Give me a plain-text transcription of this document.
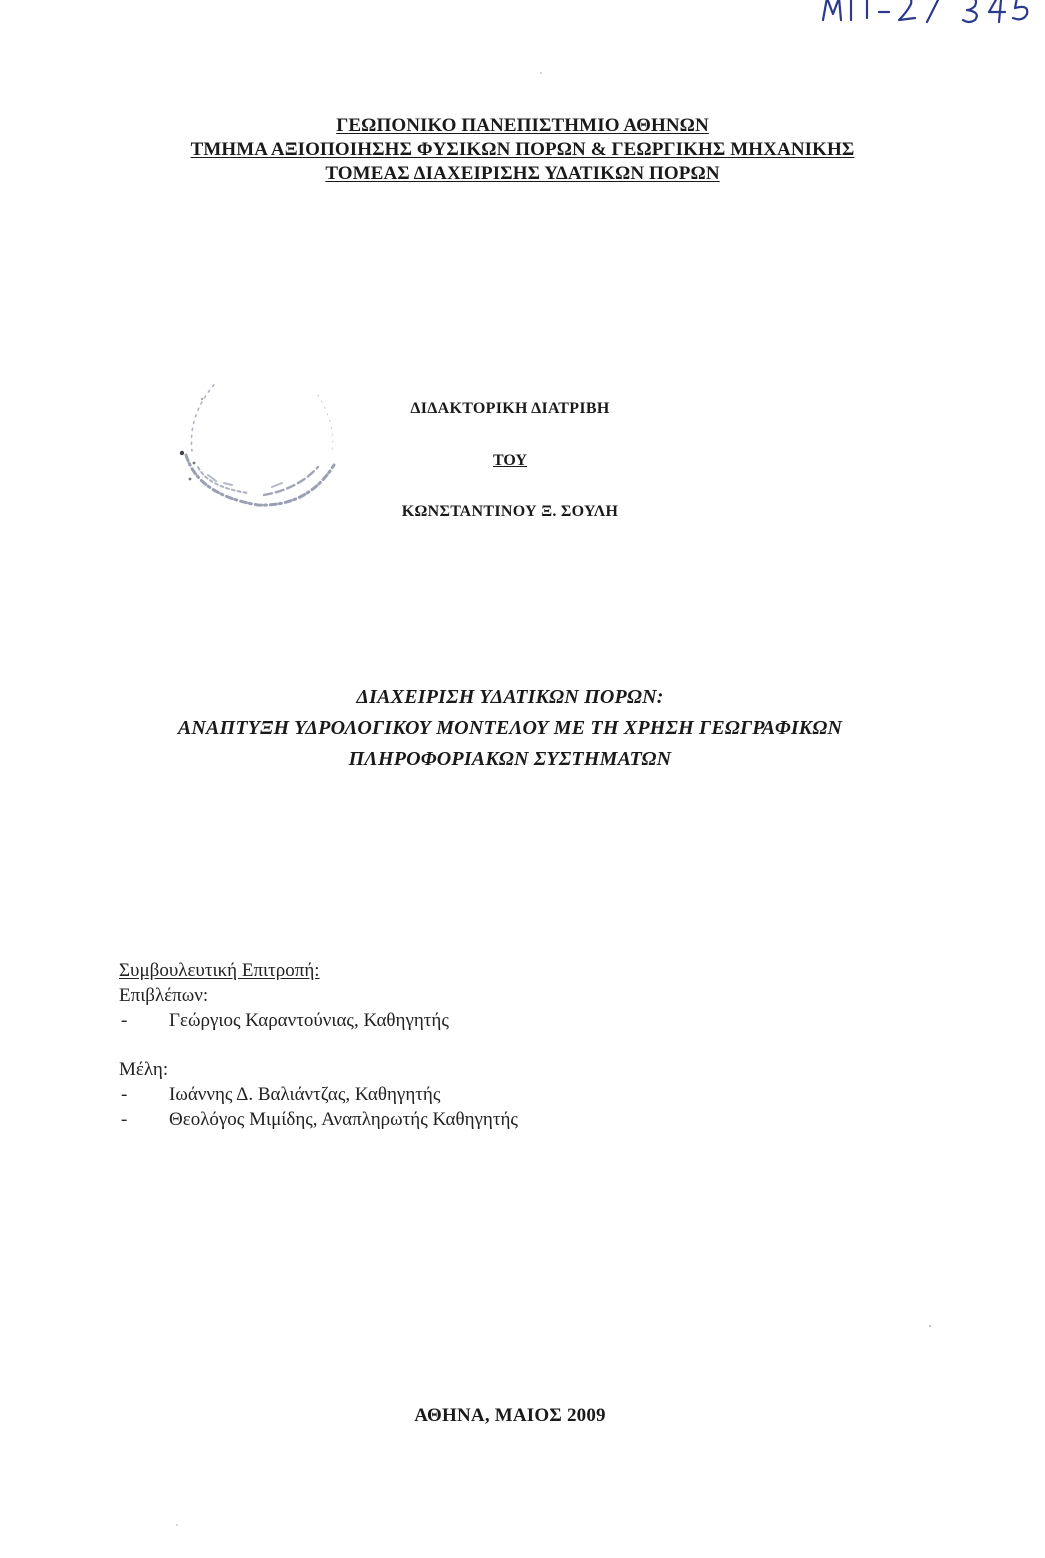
ΓΕΩΠΟΝΙΚΟ ΠΑΝΕΠΙΣΤΗΜΙΟ ΑΘΗΝΩΝ
ΤΜΗΜΑ ΑΞΙΟΠΟΙΗΣΗΣ ΦΥΣΙΚΩΝ ΠΟΡΩΝ & ΓΕΩΡΓΙΚΗΣ ΜΗΧΑΝΙΚΗΣ
ΤΟΜΕΑΣ ΔΙΑΧΕΙΡΙΣΗΣ ΥΔΑΤΙΚΩΝ ΠΟΡΩΝ
ΔΙΔΑΚΤΟΡΙΚΗ ΔΙΑΤΡΙΒΗ
ΤΟΥ
ΚΩΝΣΤΑΝΤΙΝΟΥ Ξ. ΣΟΥΛΗ
ΔΙΑΧΕΙΡΙΣΗ ΥΔΑΤΙΚΩΝ ΠΟΡΩΝ:
ΑΝΑΠΤΥΞΗ ΥΔΡΟΛΟΓΙΚΟΥ ΜΟΝΤΕΛΟΥ ΜΕ ΤΗ ΧΡΗΣΗ ΓΕΩΓΡΑΦΙΚΩΝ
ΠΛΗΡΟΦΟΡΙΑΚΩΝ ΣΥΣΤΗΜΑΤΩΝ
Συμβουλευτική Επιτροπή:
Επιβλέπων:
-	Γεώργιος Καραντούνιας, Καθηγητής
Μέλη:
-	Ιωάννης Δ. Βαλιάντζας, Καθηγητής
-	Θεολόγος Μιμίδης, Αναπληρωτής Καθηγητής
ΑΘΗΝΑ, ΜΑΙΟΣ 2009
